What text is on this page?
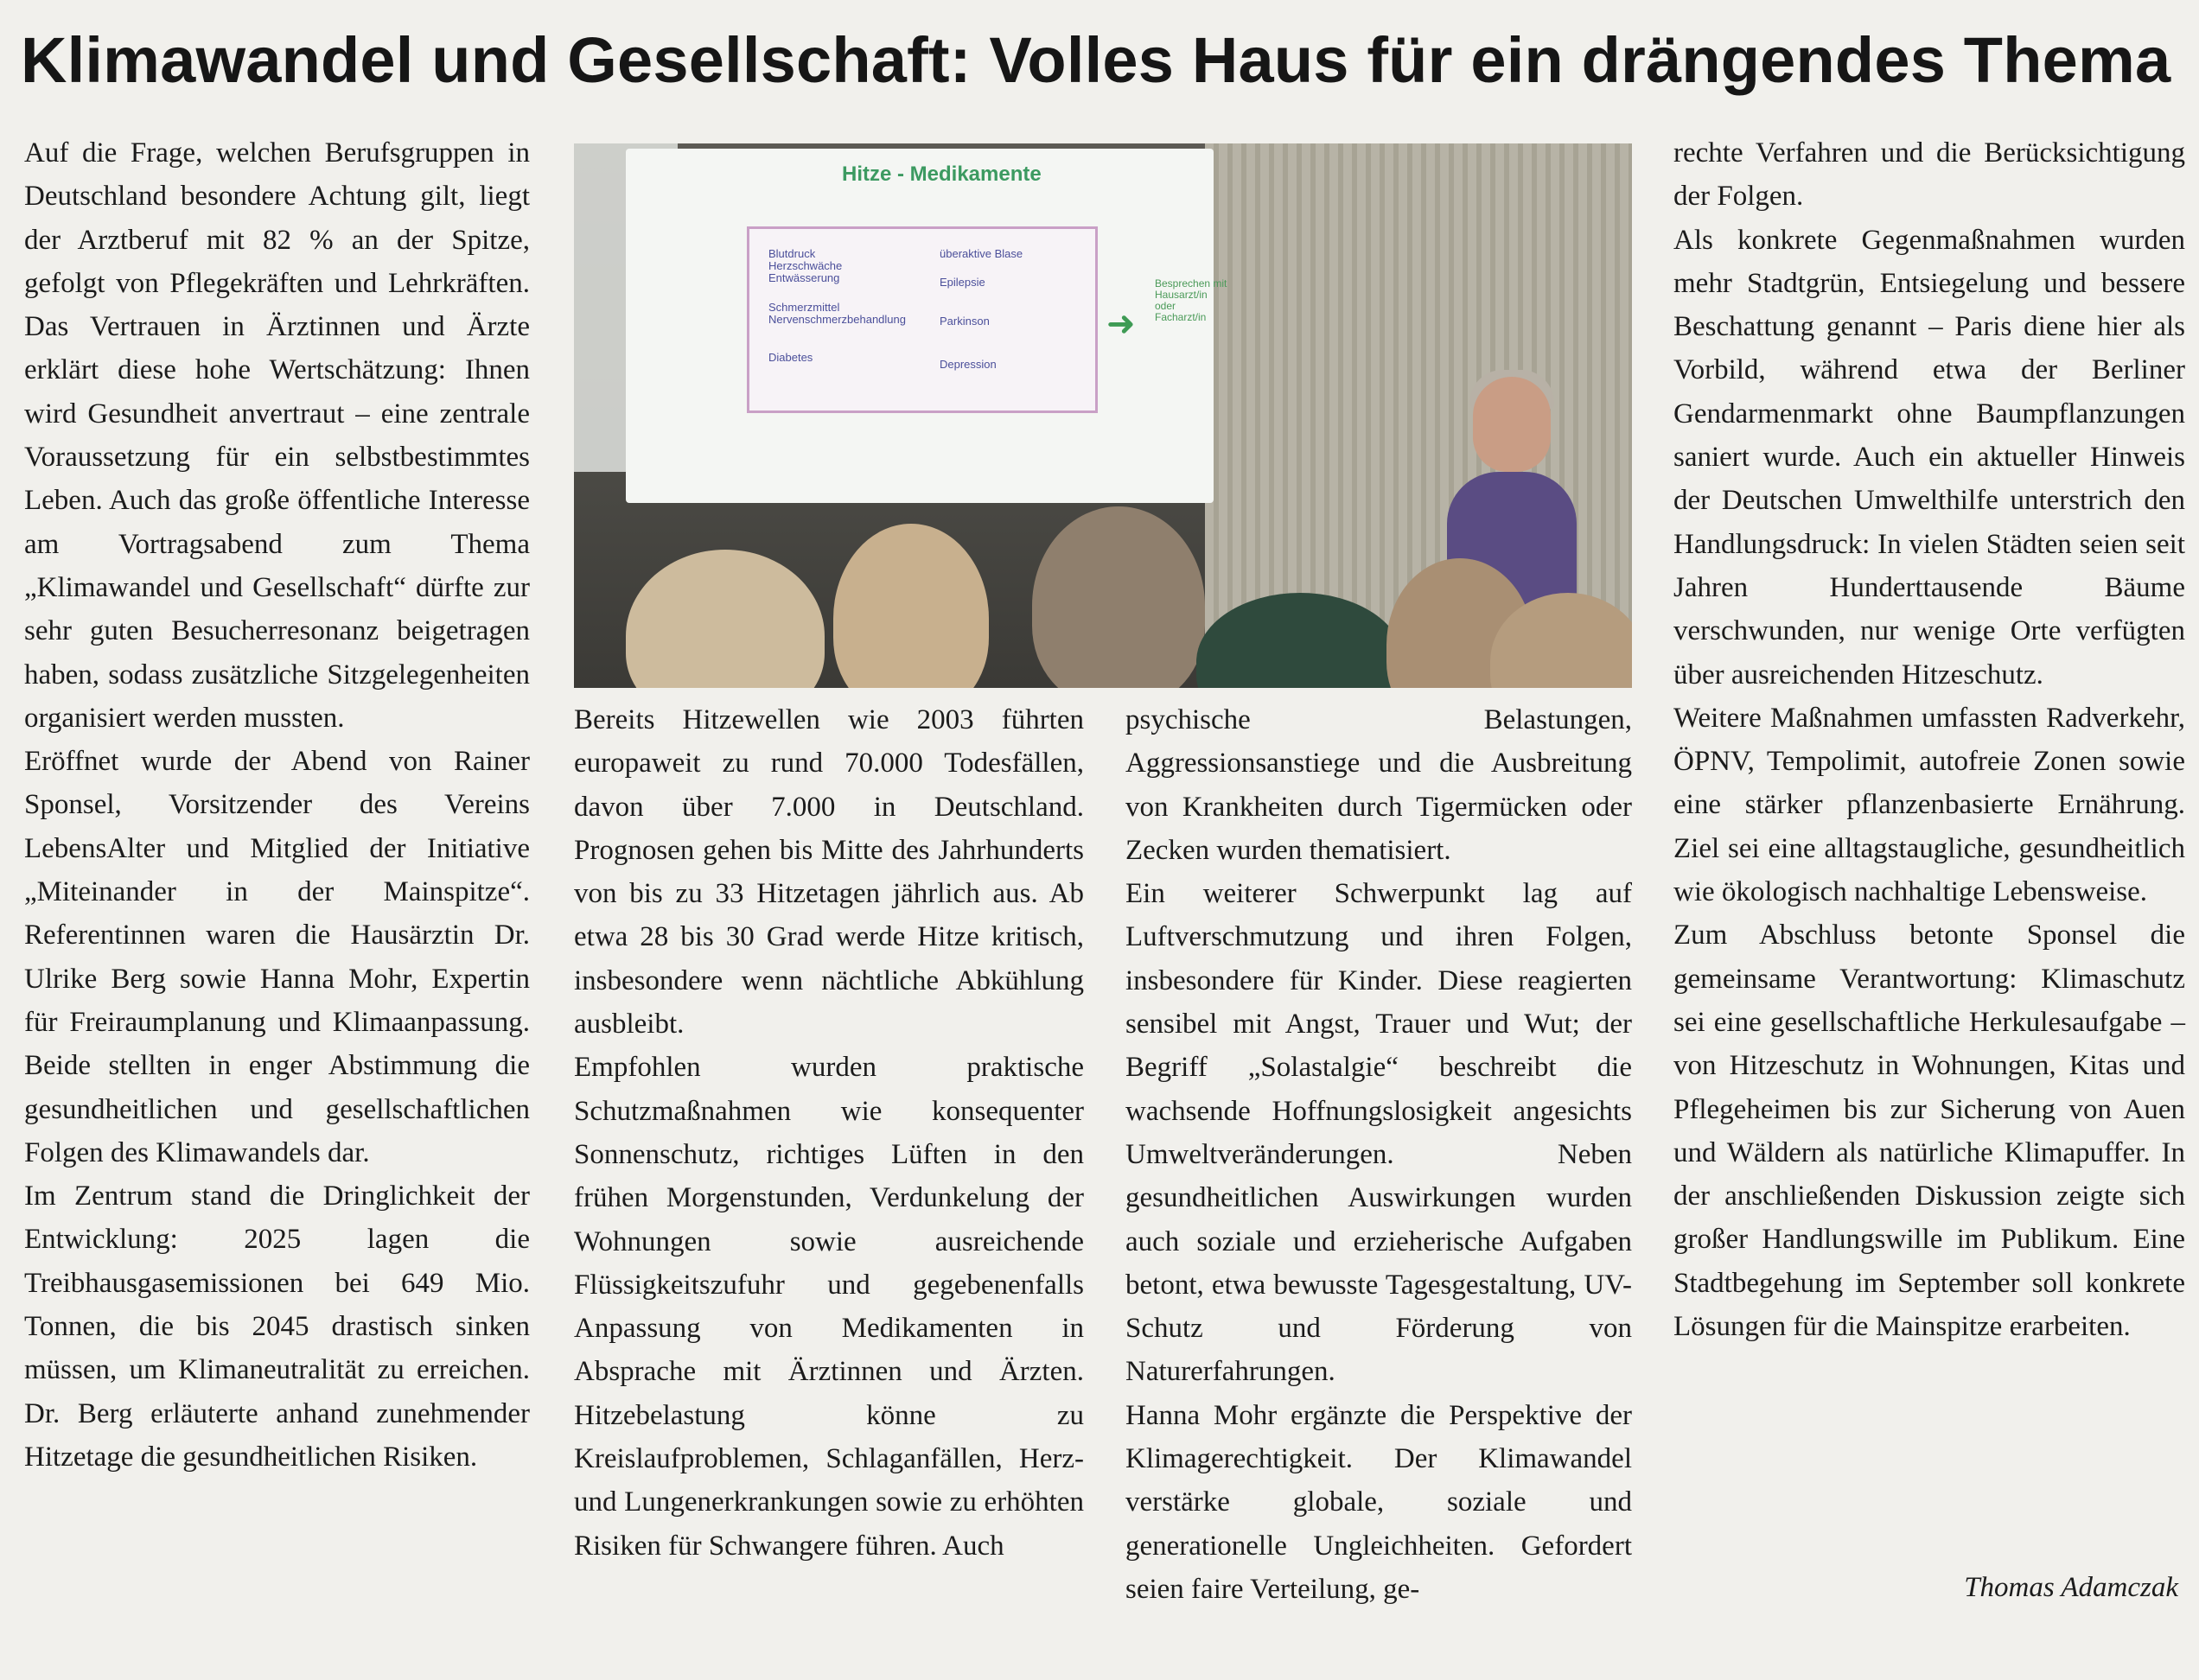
Klimawandel und Gesellschaft: Volles Haus für ein drängendes Thema
Hitze - Medikamente
Blutdruck
Herzschwäche
Entwässerung
Schmerzmittel
Nervenschmerzbehandlung
Diabetes
überaktive Blase
Epilepsie
Parkinson
Depression
➜
Besprechen mit
Hausarzt/in
oder
Facharzt/in

Auf die Frage, welchen Berufsgruppen in Deutschland besondere Achtung gilt, liegt der Arztberuf mit 82 % an der Spitze, gefolgt von Pflegekräften und Lehrkräften. Das Vertrauen in Ärztinnen und Ärzte erklärt diese hohe Wertschätzung: Ihnen wird Gesundheit anvertraut – eine zentrale Voraussetzung für ein selbstbestimmtes Leben. Auch das große öffentliche Interesse am Vortragsabend zum Thema „Klimawandel und Gesellschaft“ dürfte zur sehr guten Besucherresonanz beigetragen haben, sodass zusätzliche Sitzgelegenheiten organisiert werden mussten.

Eröffnet wurde der Abend von Rainer Sponsel, Vorsitzender des Vereins LebensAlter und Mitglied der Initiative „Miteinander in der Mainspitze“. Referentinnen waren die Hausärztin Dr. Ulrike Berg sowie Hanna Mohr, Expertin für Freiraumplanung und Klimaanpassung. Beide stellten in enger Abstimmung die gesundheitlichen und gesellschaftlichen Folgen des Klimawandels dar.

Im Zentrum stand die Dringlichkeit der Entwicklung: 2025 lagen die Treibhausgasemissionen bei 649 Mio. Tonnen, die bis 2045 drastisch sinken müssen, um Klimaneutralität zu erreichen. Dr. Berg erläuterte anhand zunehmender Hitzetage die gesundheitlichen Risiken.

Bereits Hitzewellen wie 2003 führten europaweit zu rund 70.000 Todesfällen, davon über 7.000 in Deutschland. Prognosen gehen bis Mitte des Jahrhunderts von bis zu 33 Hitzetagen jährlich aus. Ab etwa 28 bis 30 Grad werde Hitze kritisch, insbesondere wenn nächtliche Abkühlung ausbleibt.

Empfohlen wurden praktische Schutzmaßnahmen wie konsequenter Sonnenschutz, richtiges Lüften in den frühen Morgenstunden, Verdunkelung der Wohnungen sowie ausreichende Flüssigkeitszufuhr und gegebenenfalls Anpassung von Medikamenten in Absprache mit Ärztinnen und Ärzten. Hitzebelastung könne zu Kreislaufproblemen, Schlaganfällen, Herz- und Lungenerkrankungen sowie zu erhöhten Risiken für Schwangere führen. Auch

psychische Belastungen, Aggressionsanstiege und die Ausbreitung von Krankheiten durch Tigermücken oder Zecken wurden thematisiert.

Ein weiterer Schwerpunkt lag auf Luftverschmutzung und ihren Folgen, insbesondere für Kinder. Diese reagierten sensibel mit Angst, Trauer und Wut; der Begriff „Solastalgie“ beschreibt die wachsende Hoffnungslosigkeit angesichts Umweltveränderungen. Neben gesundheitlichen Auswirkungen wurden auch soziale und erzieherische Aufgaben betont, etwa bewusste Tagesgestaltung, UV-Schutz und Förderung von Naturerfahrungen.

Hanna Mohr ergänzte die Perspektive der Klimagerechtigkeit. Der Klimawandel verstärke globale, soziale und generationelle Ungleichheiten. Gefordert seien faire Verteilung, ge-

rechte Verfahren und die Berücksichtigung der Folgen.

Als konkrete Gegenmaßnahmen wurden mehr Stadtgrün, Entsiegelung und bessere Beschattung genannt – Paris diene hier als Vorbild, während etwa der Berliner Gendarmenmarkt ohne Baumpflanzungen saniert wurde. Auch ein aktueller Hinweis der Deutschen Umwelthilfe unterstrich den Handlungsdruck: In vielen Städten seien seit Jahren Hunderttausende Bäume verschwunden, nur wenige Orte verfügten über ausreichenden Hitzeschutz.

Weitere Maßnahmen umfassten Radverkehr, ÖPNV, Tempolimit, autofreie Zonen sowie eine stärker pflanzenbasierte Ernährung. Ziel sei eine alltagstaugliche, gesundheitlich wie ökologisch nachhaltige Lebensweise.

Zum Abschluss betonte Sponsel die gemeinsame Verantwortung: Klimaschutz sei eine gesellschaftliche Herkulesaufgabe – von Hitzeschutz in Wohnungen, Kitas und Pflegeheimen bis zur Sicherung von Auen und Wäldern als natürliche Klimapuffer. In der anschließenden Diskussion zeigte sich großer Handlungswille im Publikum. Eine Stadtbegehung im September soll konkrete Lösungen für die Mainspitze erarbeiten.

Thomas Adamczak
